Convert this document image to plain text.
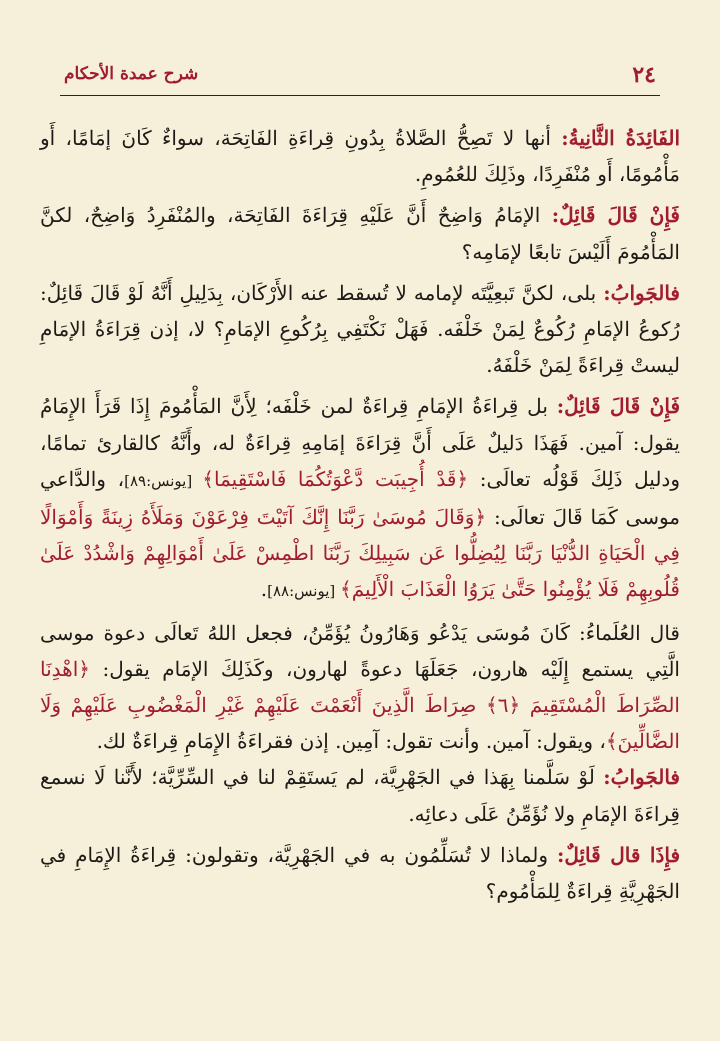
٢٤
شرح عمدة الأحكام

الفَائِدَةُ الثَّانِيةُ: أنها لا تَصِحُّ الصَّلاةُ بِدُونِ قِراءَةِ الفَاتِحَة، سواءٌ كَانَ إمَامًا، أَو مَأْمُومًا، أَو مُنْفَرِدًا، وذَلِكَ للعُمُومِ.

فَإِنْ قَالَ قَائِلٌ: الإمَامُ وَاضِحٌ أَنَّ عَلَيْهِ قِرَاءَةَ الفَاتِحَة، والمُنْفَرِدُ وَاضِحٌ، لكنَّ المَأْمُومَ أَلَيْسَ تابعًا لإمَامِه؟

فالجَوابُ: بلى، لكنَّ تَبعِيَّتَه لإمامه لا تُسقط عنه الأَرْكَان، بِدَلِيلِ أَنَّهُ لَوْ قَالَ قَائِلٌ: رُكوعُ الإمَامِ رُكُوعٌ لِمَنْ خَلْفَه. فَهَلْ نَكْتَفِي بِرُكُوعِ الإمَامِ؟ لا، إذن قِرَاءَةُ الإمَامِ ليستْ قِراءَةً لِمَنْ خَلْفَهُ.

فَإِنْ قَالَ قَائِلٌ: بل قِراءَةُ الإمَامِ قِراءَةٌ لمن خَلْفَه؛ لِأَنَّ المَأْمُومَ إِذَا قَرَأَ الإِمَامُ يقول: آمين. فَهَذَا دَليلٌ عَلَى أَنَّ قِرَاءَةَ إمَامِهِ قِراءَةٌ له، وأَنَّهُ كالقارئ تمامًا، ودليل ذَلِكَ قَوْلُه تعالَى: ﴿قَدْ أُجِيبَت دَّعْوَتُكُمَا فَاسْتَقِيمَا﴾ [يونس:٨٩]، والدَّاعي موسى كَمَا قَالَ تعالَى: ﴿وَقَالَ مُوسَىٰ رَبَّنَا إِنَّكَ آتَيْتَ فِرْعَوْنَ وَمَلَأَهُ زِينَةً وَأَمْوَالًا فِي الْحَيَاةِ الدُّنْيَا رَبَّنَا لِيُضِلُّوا عَن سَبِيلِكَ رَبَّنَا اطْمِسْ عَلَىٰ أَمْوَالِهِمْ وَاشْدُدْ عَلَىٰ قُلُوبِهِمْ فَلَا يُؤْمِنُوا حَتَّىٰ يَرَوُا الْعَذَابَ الْأَلِيمَ﴾ [يونس:٨٨].

قال العُلَماءُ: كَانَ مُوسَى يَدْعُو وَهَارُونُ يُؤَمِّنُ، فجعل اللهُ تَعالَى دعوة موسى الَّتِي يستمع إِلَيْه هارون، جَعَلَهَا دعوةً لهارون، وكَذَلِكَ الإمَام يقول: ﴿اهْدِنَا الصِّرَاطَ الْمُسْتَقِيمَ ﴿٦﴾ صِرَاطَ الَّذِينَ أَنْعَمْتَ عَلَيْهِمْ غَيْرِ الْمَغْضُوبِ عَلَيْهِمْ وَلَا الضَّالِّينَ﴾، ويقول: آمين. وأنت تقول: آمِين. إذن فقراءَةُ الإِمَامِ قِراءَةٌ لك.

فالجَوابُ: لَوْ سَلَّمنا بِهَذا في الجَهْرِيَّة، لم يَستَقِمْ لنا في السِّرِّيَّة؛ لأَنَّنا لَا نسمع قِراءَةَ الإمَامِ ولا نُؤَمِّنُ عَلَى دعائِه.

فإِذَا قال قَائِلٌ: ولماذا لا تُسَلِّمُون به في الجَهْرِيَّة، وتقولون: قِراءَةُ الإِمَامِ في الجَهْرِيَّةِ قِراءَةٌ لِلمَأْمُوم؟
